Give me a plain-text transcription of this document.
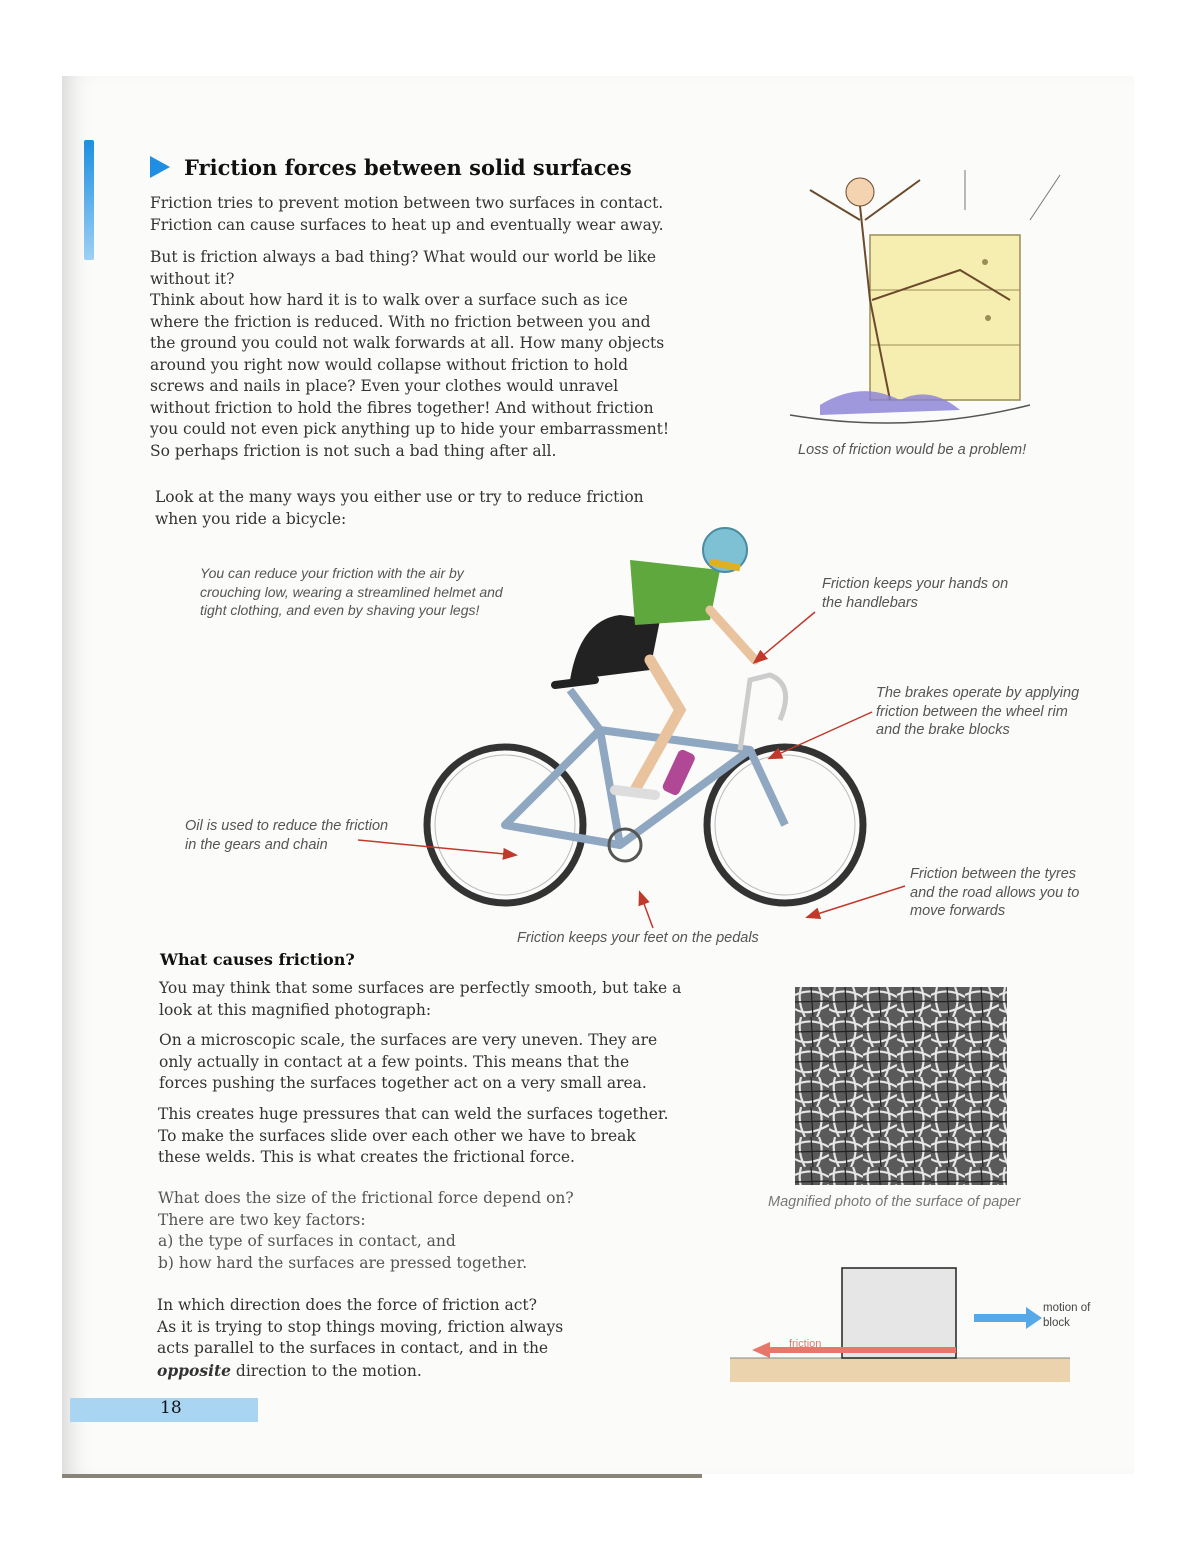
Friction forces between solid surfaces
Friction tries to prevent motion between two surfaces in contact.
Friction can cause surfaces to heat up and eventually wear away.
But is friction always a bad thing? What would our world be like
without it?
Think about how hard it is to walk over a surface such as ice
where the friction is reduced. With no friction between you and
the ground you could not walk forwards at all. How many objects
around you right now would collapse without friction to hold
screws and nails in place? Even your clothes would unravel
without friction to hold the fibres together! And without friction
you could not even pick anything up to hide your embarrassment!
So perhaps friction is not such a bad thing after all.
Look at the many ways you either use or try to reduce friction
when you ride a bicycle:
Loss of friction would be a problem!
You can reduce your friction with the air by
crouching low, wearing a streamlined helmet and
tight clothing, and even by shaving your legs!
Friction keeps your hands on
the handlebars
The brakes operate by applying
friction between the wheel rim
and the brake blocks
Oil is used to reduce the friction
in the gears and chain
Friction between the tyres
and the road allows you to
move forwards
Friction keeps your feet on the pedals
What causes friction?
You may think that some surfaces are perfectly smooth, but take a
look at this magnified photograph:
On a microscopic scale, the surfaces are very uneven. They are
only actually in contact at a few points. This means that the
forces pushing the surfaces together act on a very small area.
This creates huge pressures that can weld the surfaces together.
To make the surfaces slide over each other we have to break
these welds. This is what creates the frictional force.
What does the size of the frictional force depend on?
There are two key factors:
a) the type of surfaces in contact, and
b) how hard the surfaces are pressed together.
In which direction does the force of friction act?
As it is trying to stop things moving, friction always
acts parallel to the surfaces in contact, and in the
opposite direction to the motion.
Magnified photo of the surface of paper
friction
motion of
block
18
